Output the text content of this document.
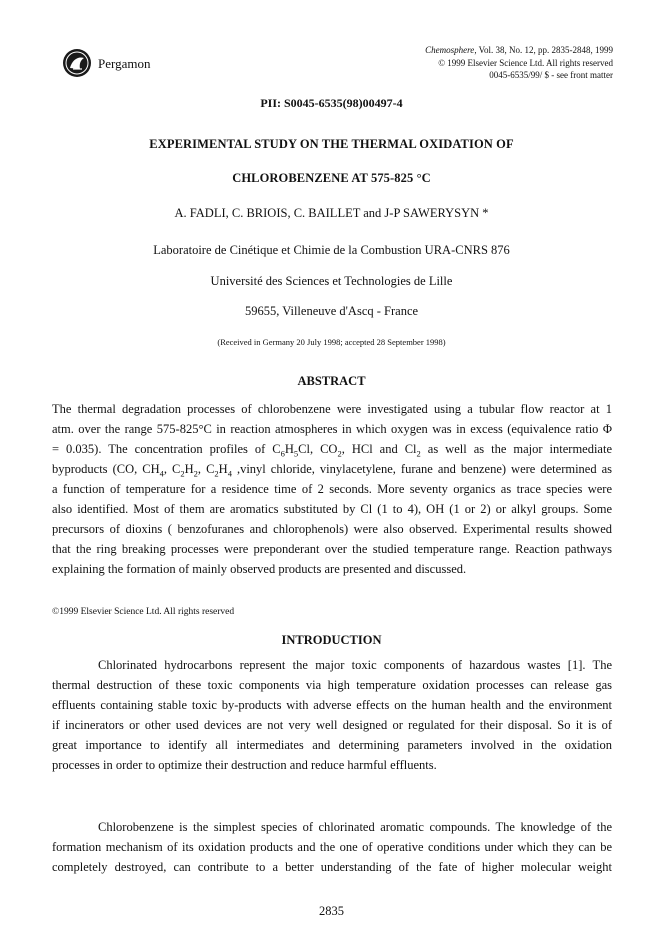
Pergamon
Chemosphere, Vol. 38, No. 12, pp. 2835-2848, 1999
© 1999 Elsevier Science Ltd. All rights reserved
0045-6535/99/ $ - see front matter
PII: S0045-6535(98)00497-4
EXPERIMENTAL STUDY ON THE THERMAL OXIDATION OF
CHLOROBENZENE AT 575-825 °C
A. FADLI, C. BRIOIS, C. BAILLET and J-P SAWERYSYN *
Laboratoire de Cinétique et Chimie de la Combustion URA-CNRS 876
Université des Sciences et Technologies de Lille
59655, Villeneuve d'Ascq - France
(Received in Germany 20 July 1998; accepted 28 September 1998)
ABSTRACT
The thermal degradation processes of chlorobenzene were investigated using a tubular flow reactor at 1
atm. over the range 575-825°C in reaction atmospheres in which oxygen was in excess (equivalence ratio Φ
= 0.035). The concentration profiles of $C_6H_5Cl$, $CO_2$, HCl and $Cl_2$ as well as the major intermediate
byproducts (CO, $CH_4$, $C_2H_2$, $C_2H_4$ ,vinyl chloride, vinylacetylene, furane and benzene) were determined as
a function of temperature for a residence time of 2 seconds. More seventy organics as trace species were
also identified. Most of them are aromatics substituted by Cl (1 to 4), OH (1 or 2) or alkyl groups. Some
precursors of dioxins ( benzofuranes and chlorophenols) were also observed. Experimental results showed
that the ring breaking processes were preponderant over the studied temperature range. Reaction pathways
explaining the formation of mainly observed products are presented and discussed.
©1999 Elsevier Science Ltd. All rights reserved
INTRODUCTION
Chlorinated hydrocarbons represent the major toxic components of hazardous wastes [1]. The
thermal destruction of these toxic components via high temperature oxidation processes can release gas
effluents containing stable toxic by-products with adverse effects on the human health and the environment
if incinerators or other used devices are not very well designed or regulated for their disposal. So it is of
great importance to identify all intermediates and determining parameters involved in the oxidation
processes in order to optimize their destruction and reduce harmful effluents.
Chlorobenzene is the simplest species of chlorinated aromatic compounds. The knowledge of the
formation mechanism of its oxidation products and the one of operative conditions under which they can be
completely destroyed, can contribute to a better understanding of the fate of higher molecular weight
2835
